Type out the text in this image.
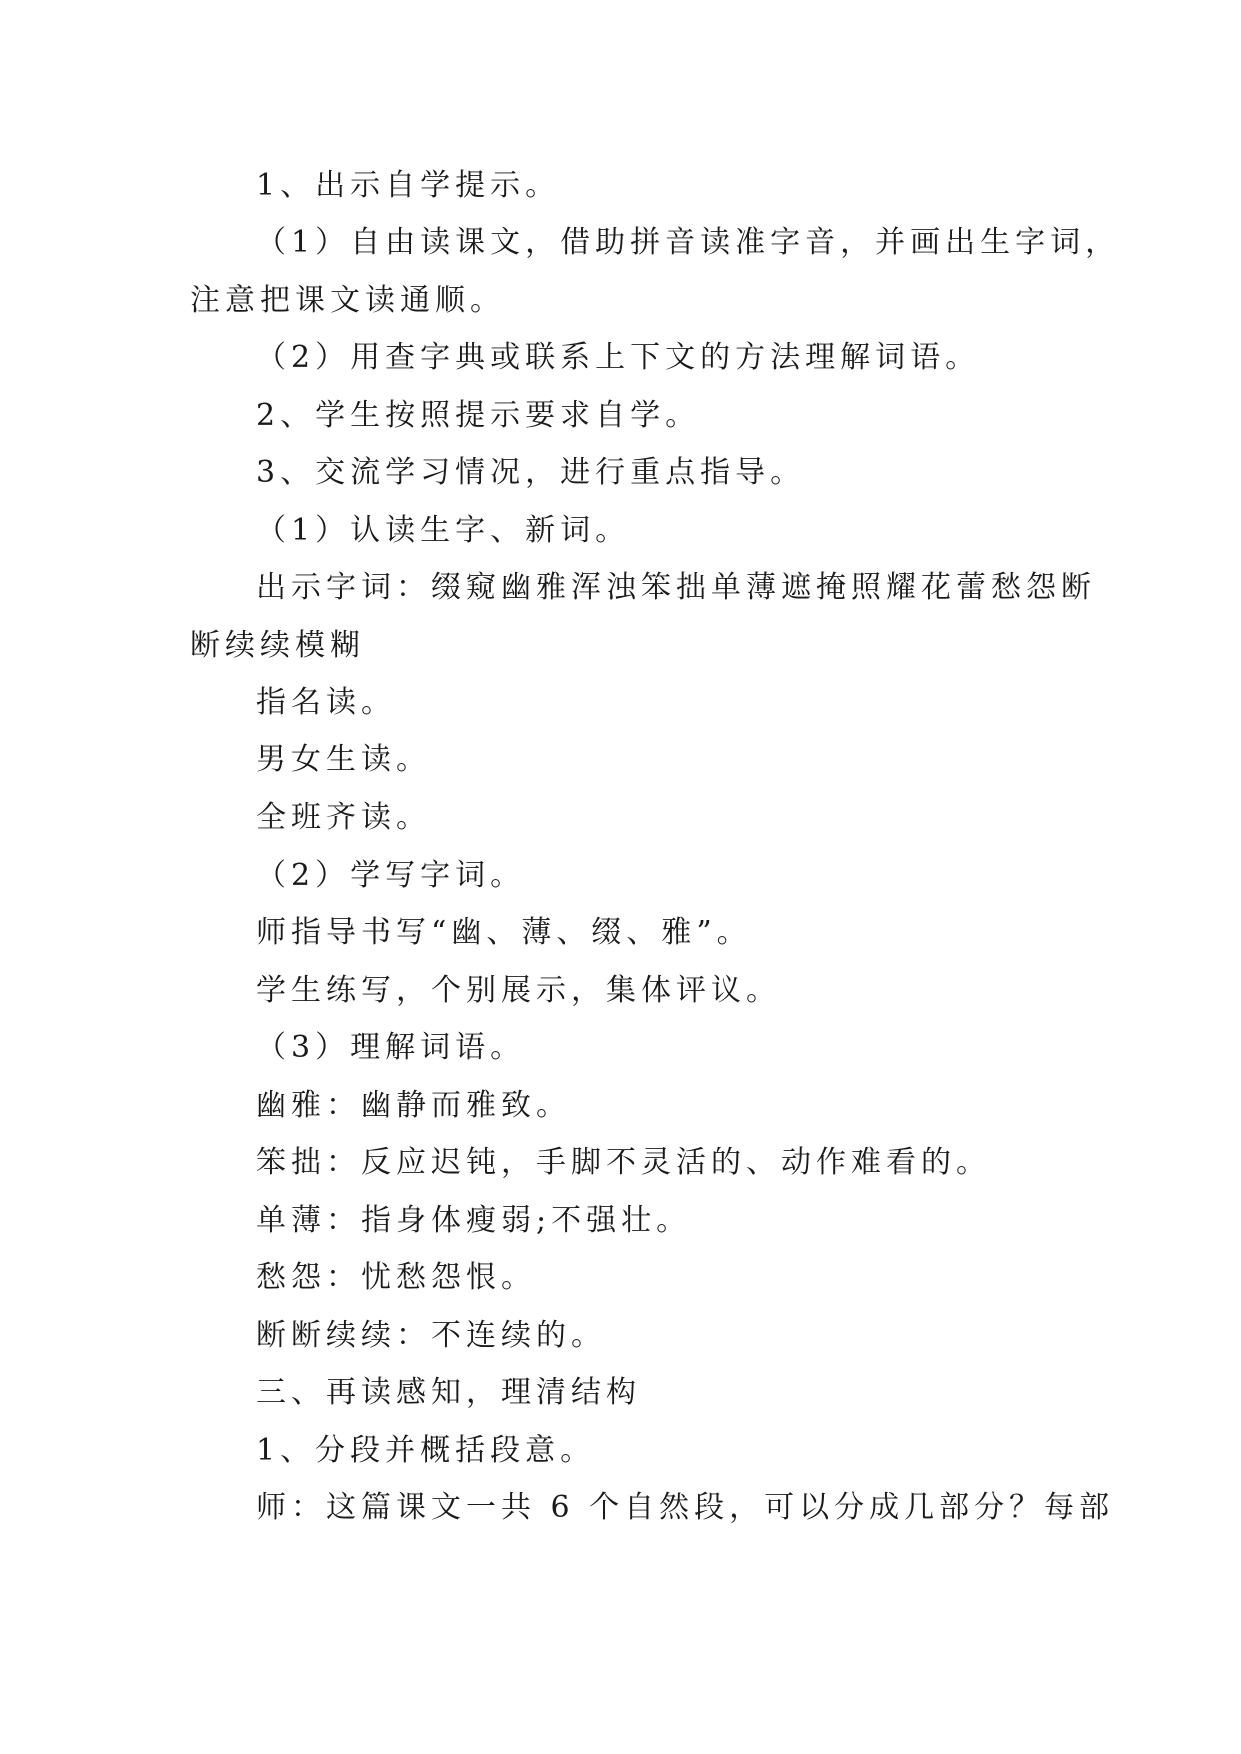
1、出示自学提示。
（1）自由读课文，借助拼音读准字音，并画出生字词，
注意把课文读通顺。
（2）用查字典或联系上下文的方法理解词语。
2、学生按照提示要求自学。
3、交流学习情况，进行重点指导。
（1）认读生字、新词。
出示字词：缀窥幽雅浑浊笨拙单薄遮掩照耀花蕾愁怨断
断续续模糊
指名读。
男女生读。
全班齐读。
（2）学写字词。
师指导书写“幽、薄、缀、雅”。
学生练写，个别展示，集体评议。
（3）理解词语。
幽雅：幽静而雅致。
笨拙：反应迟钝，手脚不灵活的、动作难看的。
单薄：指身体瘦弱;不强壮。
愁怨：忧愁怨恨。
断断续续：不连续的。
三、再读感知，理清结构
1、分段并概括段意。
师：这篇课文一共 6 个自然段，可以分成几部分？每部
